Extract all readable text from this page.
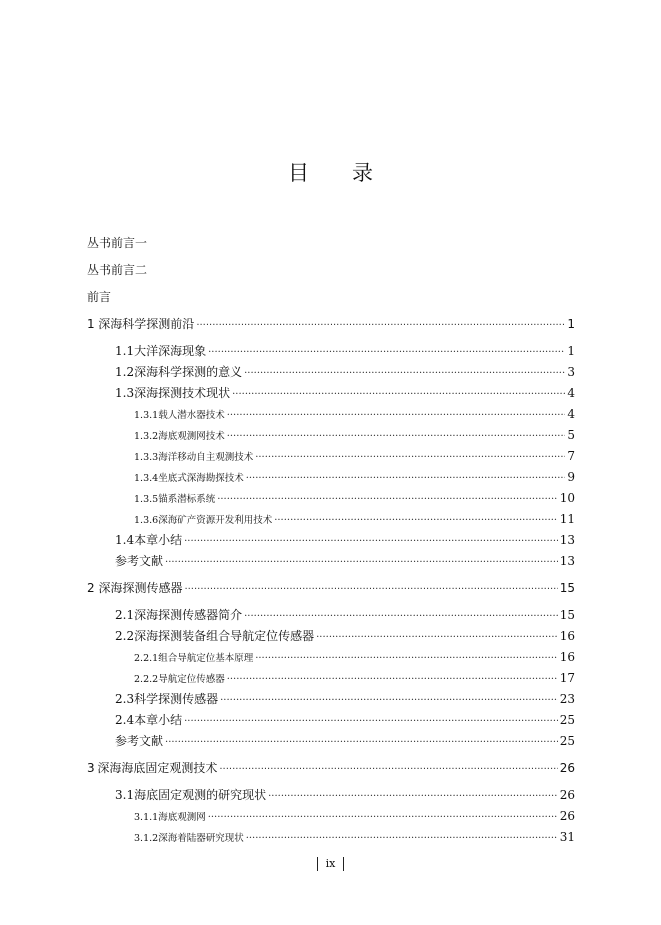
目录
丛书前言一
丛书前言二
前言
1 深海科学探测前沿 ·····	1
1.1 大洋深海现象 ·····	1
1.2 深海科学探测的意义 ·····	3
1.3 深海探测技术现状 ·····	4
1.3.1 载人潜水器技术 ·····	4
1.3.2 海底观测网技术 ·····	5
1.3.3 海洋移动自主观测技术 ·····	7
1.3.4 坐底式深海勘探技术 ·····	9
1.3.5 锚系潜标系统 ·····	10
1.3.6 深海矿产资源开发利用技术 ·····	11
1.4 本章小结 ·····	13
参考文献 ·····	13
2 深海探测传感器 ·····	15
2.1 深海探测传感器简介 ·····	15
2.2 深海探测装备组合导航定位传感器 ·····	16
2.2.1 组合导航定位基本原理 ·····	16
2.2.2 导航定位传感器 ·····	17
2.3 科学探测传感器 ·····	23
2.4 本章小结 ·····	25
参考文献 ·····	25
3 深海海底固定观测技术 ·····	26
3.1 海底固定观测的研究现状 ·····	26
3.1.1 海底观测网 ·····	26
3.1.2 深海着陆器研究现状 ·····	31
ix
